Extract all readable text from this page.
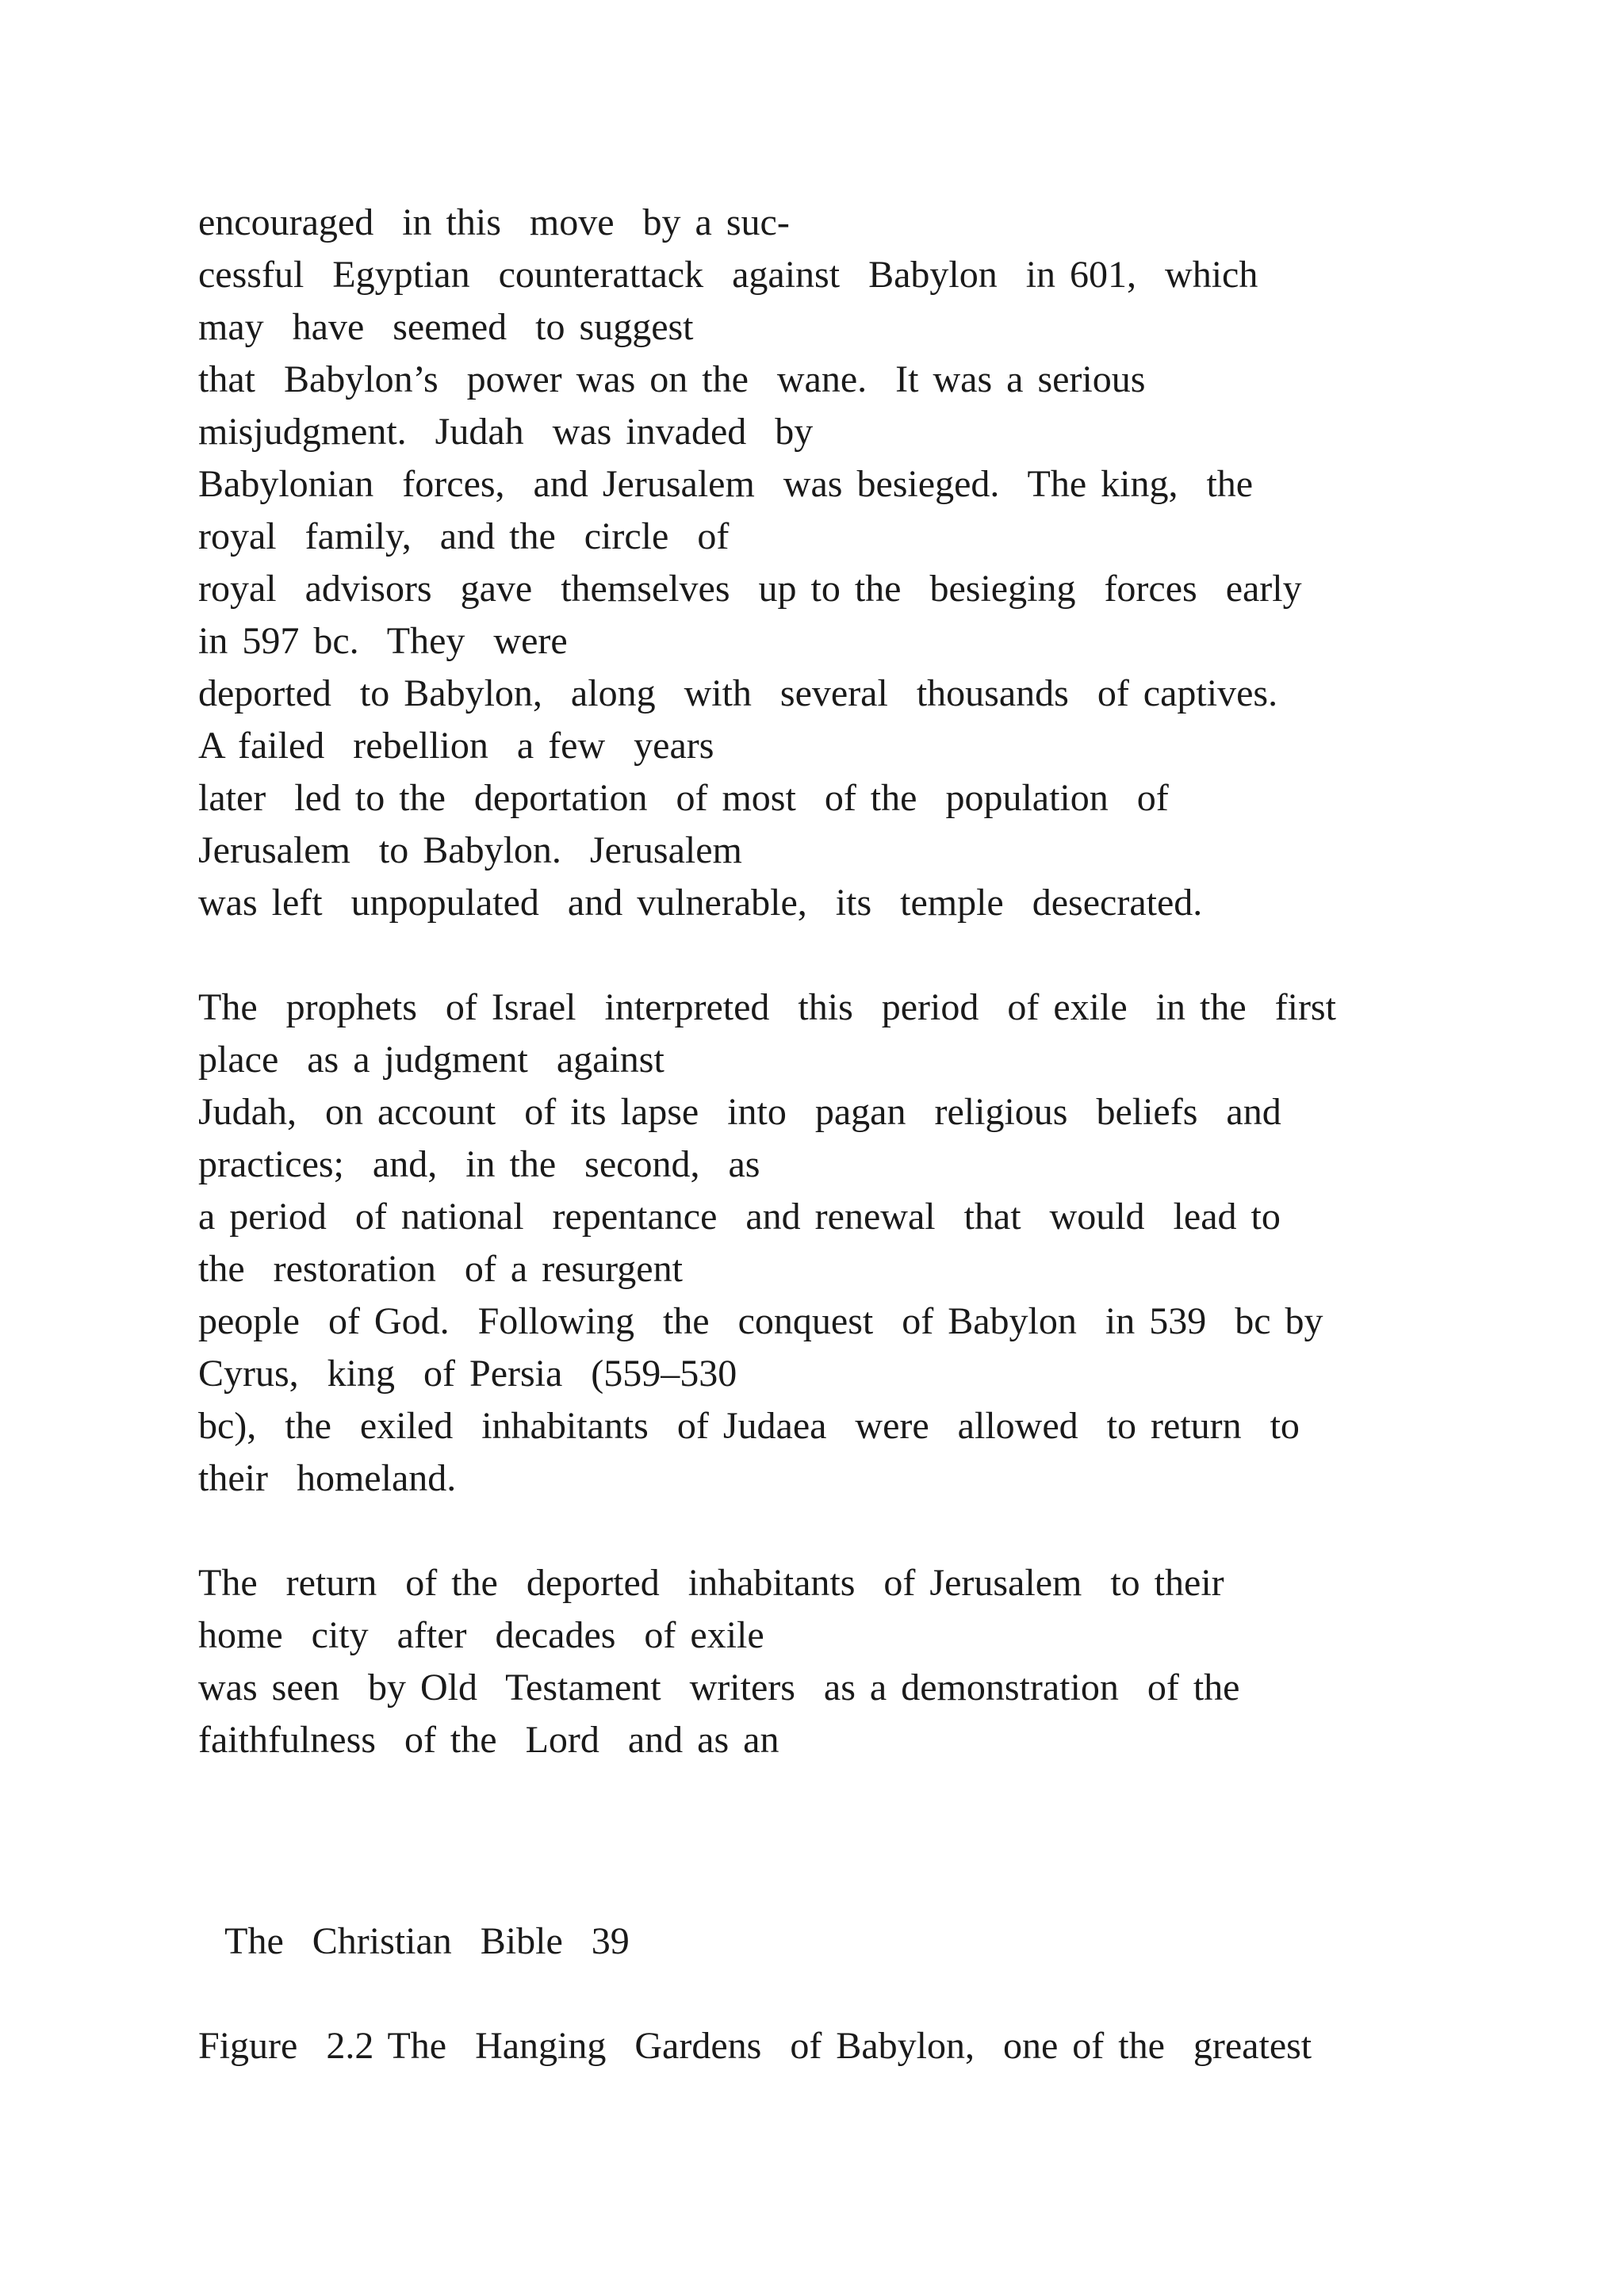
encouraged  in this  move  by a suc-
cessful  Egyptian  counterattack  against  Babylon  in 601,  which
may  have  seemed  to suggest
that  Babylon’s  power was on the  wane.  It was a serious
misjudgment.  Judah  was invaded  by
Babylonian  forces,  and Jerusalem  was besieged.  The king,  the
royal  family,  and the  circle  of
royal  advisors  gave  themselves  up to the  besieging  forces  early
in 597 bc.  They  were
deported  to Babylon,  along  with  several  thousands  of captives.
A failed  rebellion  a few  years
later  led to the  deportation  of most  of the  population  of
Jerusalem  to Babylon.  Jerusalem
was left  unpopulated  and vulnerable,  its  temple  desecrated.
The  prophets  of Israel  interpreted  this  period  of exile  in the  first
place  as a judgment  against
Judah,  on account  of its lapse  into  pagan  religious  beliefs  and
practices;  and,  in the  second,  as
a period  of national  repentance  and renewal  that  would  lead to
the  restoration  of a resurgent
people  of God.  Following  the  conquest  of Babylon  in 539  bc by
Cyrus,  king  of Persia  (559–530
bc),  the  exiled  inhabitants  of Judaea  were  allowed  to return  to
their  homeland.
The  return  of the  deported  inhabitants  of Jerusalem  to their
home  city  after  decades  of exile
was seen  by Old  Testament  writers  as a demonstration  of the
faithfulness  of the  Lord  and as an
The  Christian  Bible  39
Figure  2.2 The  Hanging  Gardens  of Babylon,  one of the  greatest
